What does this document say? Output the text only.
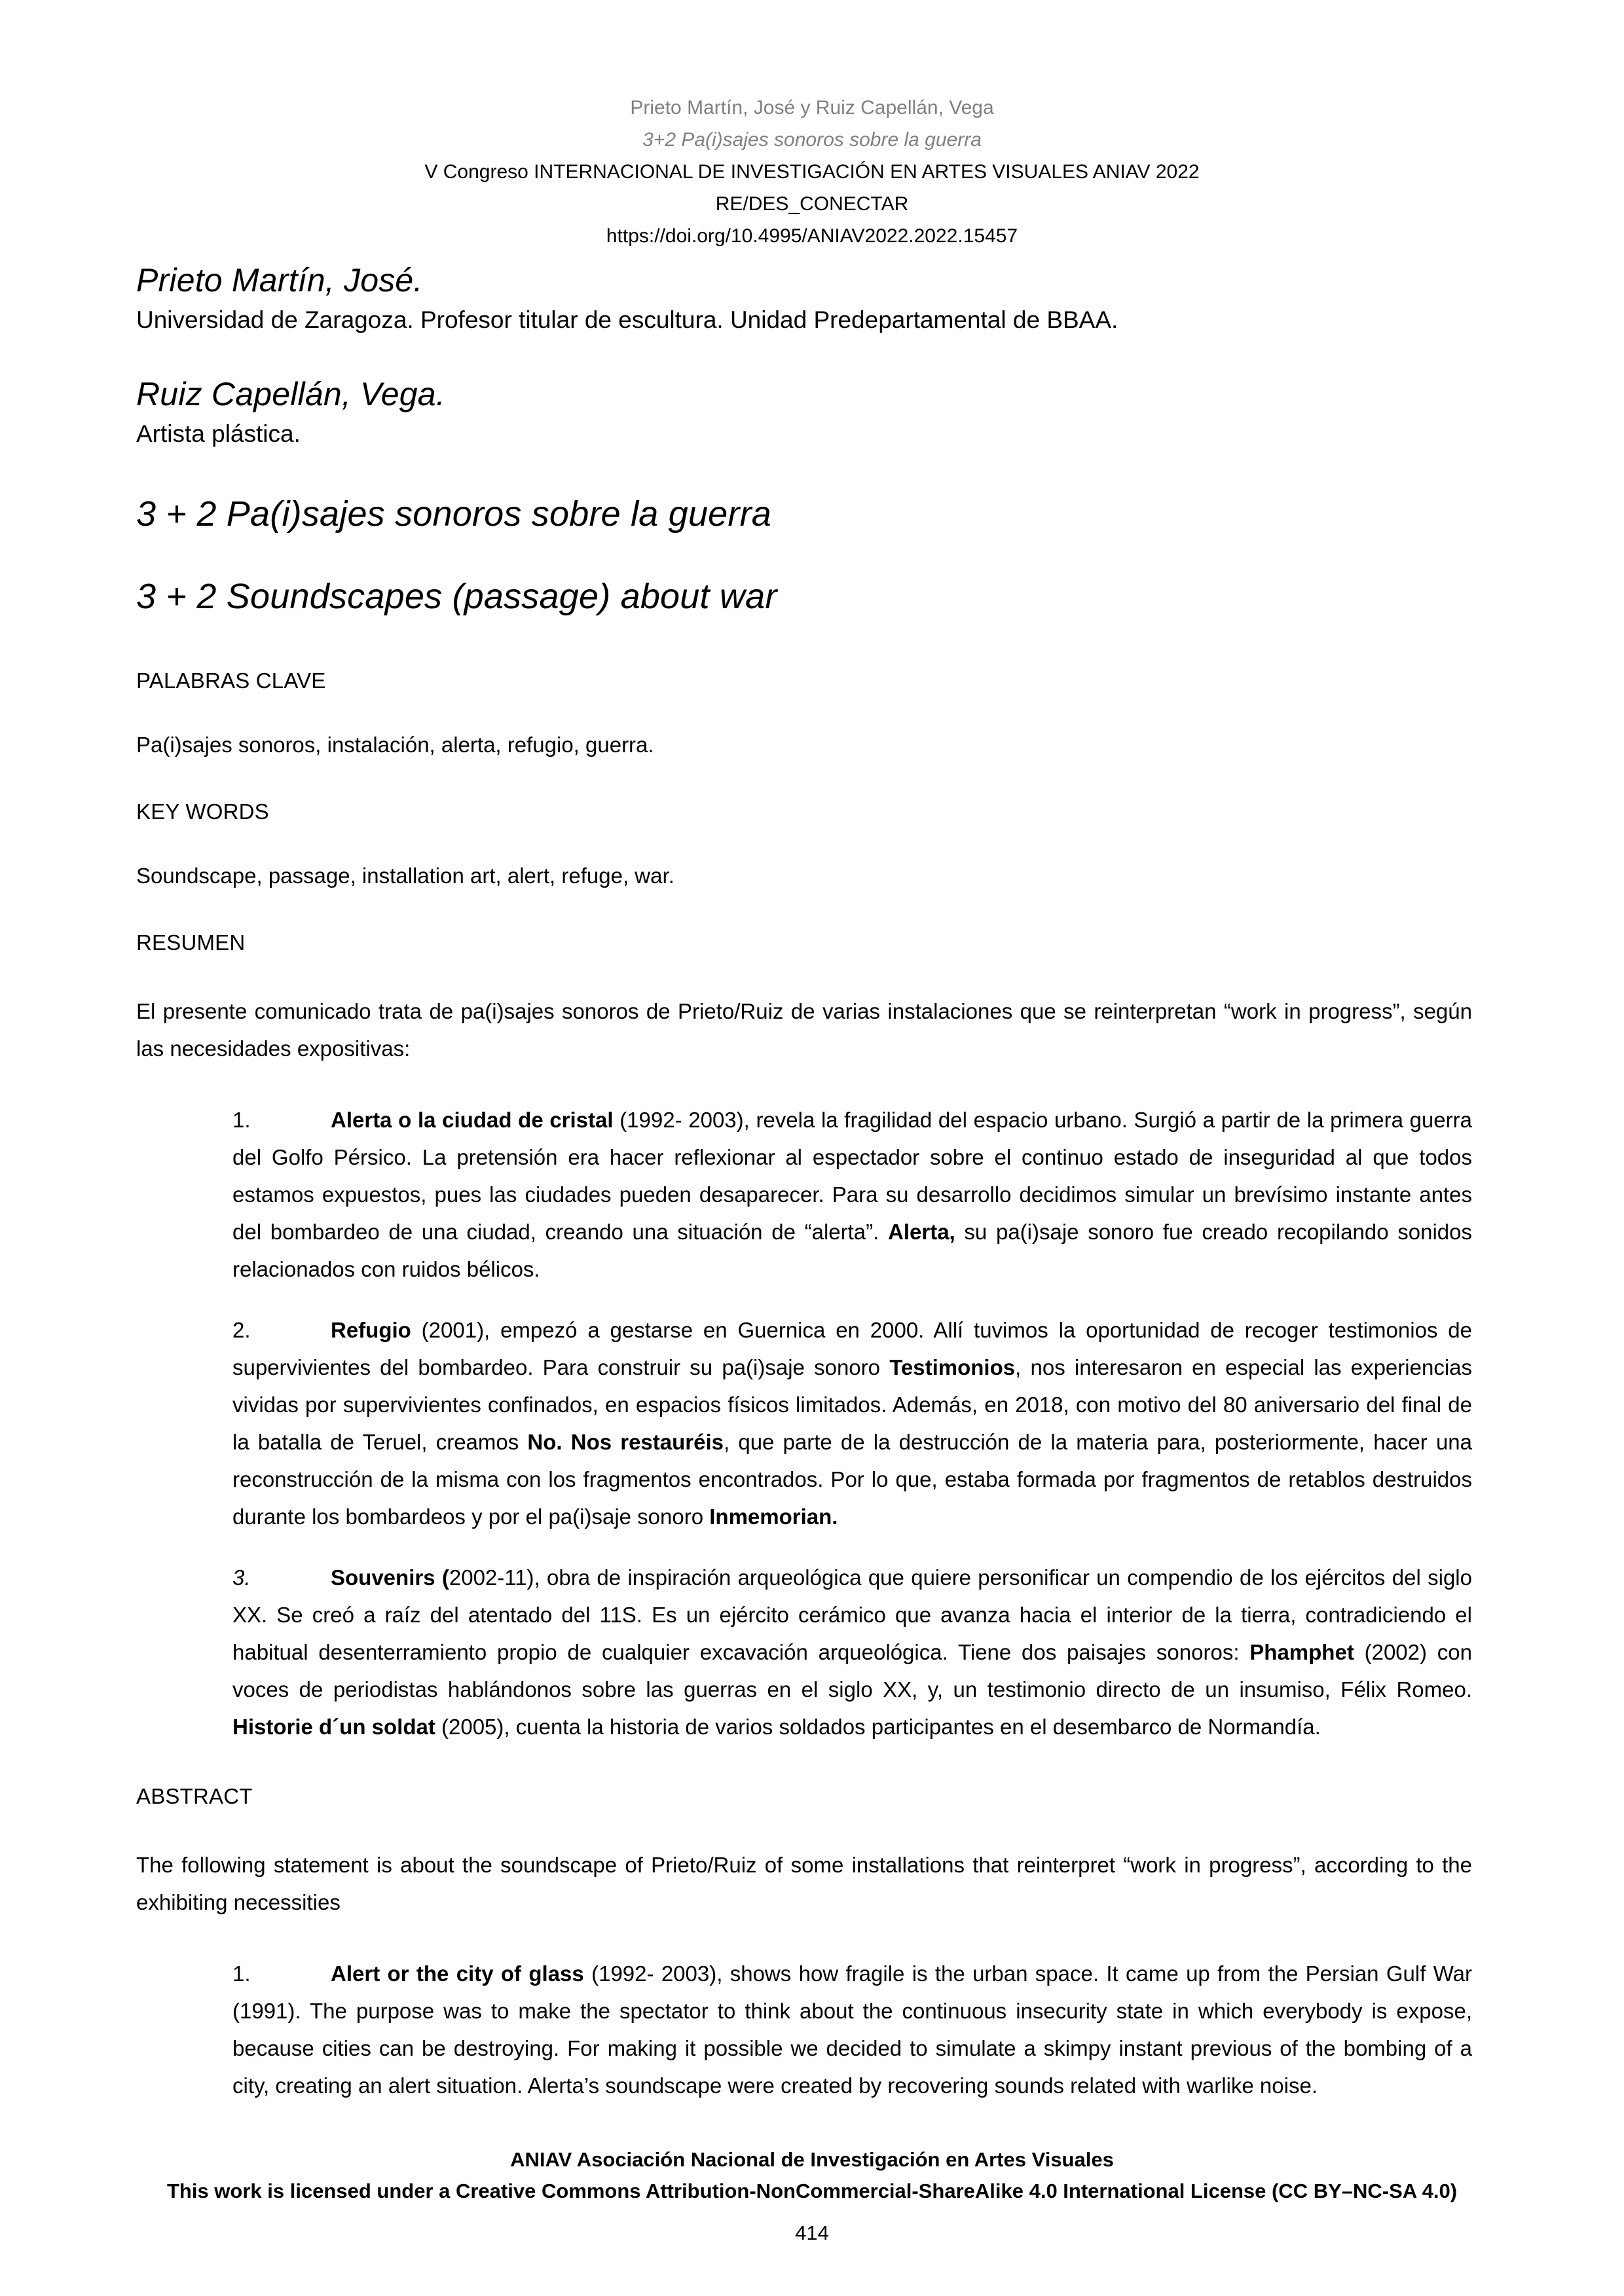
Prieto Martín, José y Ruiz Capellán, Vega
3+2 Pa(i)sajes sonoros sobre la guerra
V Congreso INTERNACIONAL DE INVESTIGACIÓN EN ARTES VISUALES ANIAV 2022
RE/DES_CONECTAR
https://doi.org/10.4995/ANIAV2022.2022.15457
Prieto Martín, José.

Universidad de Zaragoza. Profesor titular de escultura. Unidad Predepartamental de BBAA.

Ruiz Capellán, Vega.

Artista plástica.

3 + 2 Pa(i)sajes sonoros sobre la guerra
3 + 2 Soundscapes (passage) about war
PALABRAS CLAVE

Pa(i)sajes sonoros, instalación, alerta, refugio, guerra.

KEY WORDS

Soundscape, passage, installation art, alert, refuge, war.

RESUMEN

El presente comunicado trata de pa(i)sajes sonoros de Prieto/Ruiz de varias instalaciones que se reinterpretan “work in progress”, según las necesidades expositivas:

1.	Alerta o la ciudad de cristal (1992- 2003), revela la fragilidad del espacio urbano. Surgió a partir de la primera guerra del Golfo Pérsico. La pretensión era hacer reflexionar al espectador sobre el continuo estado de inseguridad al que todos estamos expuestos, pues las ciudades pueden desaparecer. Para su desarrollo decidimos simular un brevísimo instante antes del bombardeo de una ciudad, creando una situación de “alerta”. Alerta, su pa(i)saje sonoro fue creado recopilando sonidos relacionados con ruidos bélicos.

2.	Refugio (2001), empezó a gestarse en Guernica en 2000. Allí tuvimos la oportunidad de recoger testimonios de supervivientes del bombardeo. Para construir su pa(i)saje sonoro Testimonios, nos interesaron en especial las experiencias vividas por supervivientes confinados, en espacios físicos limitados. Además, en 2018, con motivo del 80 aniversario del final de la batalla de Teruel, creamos No. Nos restauréis, que parte de la destrucción de la materia para, posteriormente, hacer una reconstrucción de la misma con los fragmentos encontrados. Por lo que, estaba formada por fragmentos de retablos destruidos durante los bombardeos y por el pa(i)saje sonoro Inmemorian.

3.	Souvenirs (2002-11), obra de inspiración arqueológica que quiere personificar un compendio de los ejércitos del siglo XX. Se creó a raíz del atentado del 11S. Es un ejército cerámico que avanza hacia el interior de la tierra, contradiciendo el habitual desenterramiento propio de cualquier excavación arqueológica. Tiene dos paisajes sonoros: Phamphet (2002) con voces de periodistas hablándonos sobre las guerras en el siglo XX, y, un testimonio directo de un insumiso, Félix Romeo. Historie d´un soldat (2005), cuenta la historia de varios soldados participantes en el desembarco de Normandía.

ABSTRACT

The following statement is about the soundscape of Prieto/Ruiz of some installations that reinterpret “work in progress”, according to the exhibiting necessities

1.	Alert or the city of glass (1992- 2003), shows how fragile is the urban space. It came up from the Persian Gulf War (1991). The purpose was to make the spectator to think about the continuous insecurity state in which everybody is expose, because cities can be destroying. For making it possible we decided to simulate a skimpy instant previous of the bombing of a city, creating an alert situation. Alerta’s soundscape were created by recovering sounds related with warlike noise.

ANIAV Asociación Nacional de Investigación en Artes Visuales
This work is licensed under a Creative Commons Attribution-NonCommercial-ShareAlike 4.0 International License (CC BY–NC-SA 4.0)
414
